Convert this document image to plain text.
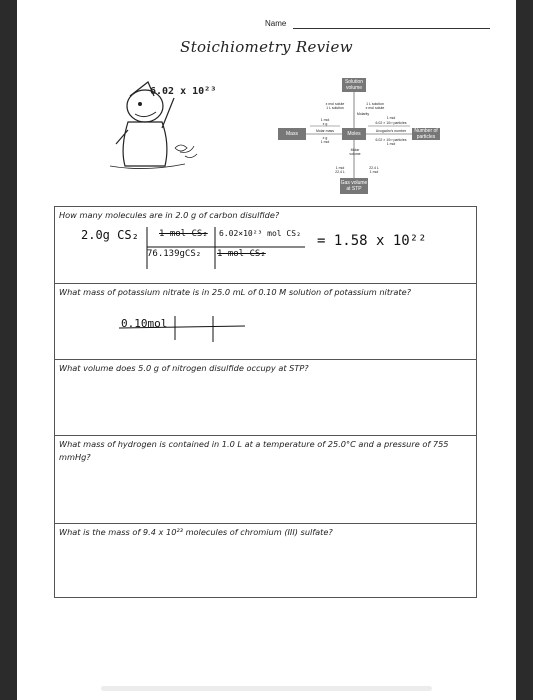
Name
Stoichiometry Review
6.02 x 10²³
Solution volume
Mass	Moles	Number of particles
Gas volume at STP
x mol solute
1 L solution
1 L solution
x mol solute
Molarity
1 mol
x g
Molar mass
x g
1 mol
1 mol
6.02 × 10²³ particles
Avogadro's number
6.02 × 10²³ particles
1 mol
1 mol
22.4 L
Molar volume
22.4 L
1 mol
How many molecules are in 2.0 g of carbon disulfide?
2.0g CS₂ 1 mol CS₂ 6.02×10²³ mol CS₂
76.139gCS₂ 1 mol CS₂
= 1.58 x 10²²
What mass of potassium nitrate is in 25.0 mL of 0.10 M solution of potassium nitrate?
0.10mol
What volume does 5.0 g of nitrogen disulfide occupy at STP?
What mass of hydrogen is contained in 1.0 L at a temperature of 25.0°C and a pressure of 755 mmHg?
What is the mass of 9.4 x 10²³ molecules of chromium (III) sulfate?
